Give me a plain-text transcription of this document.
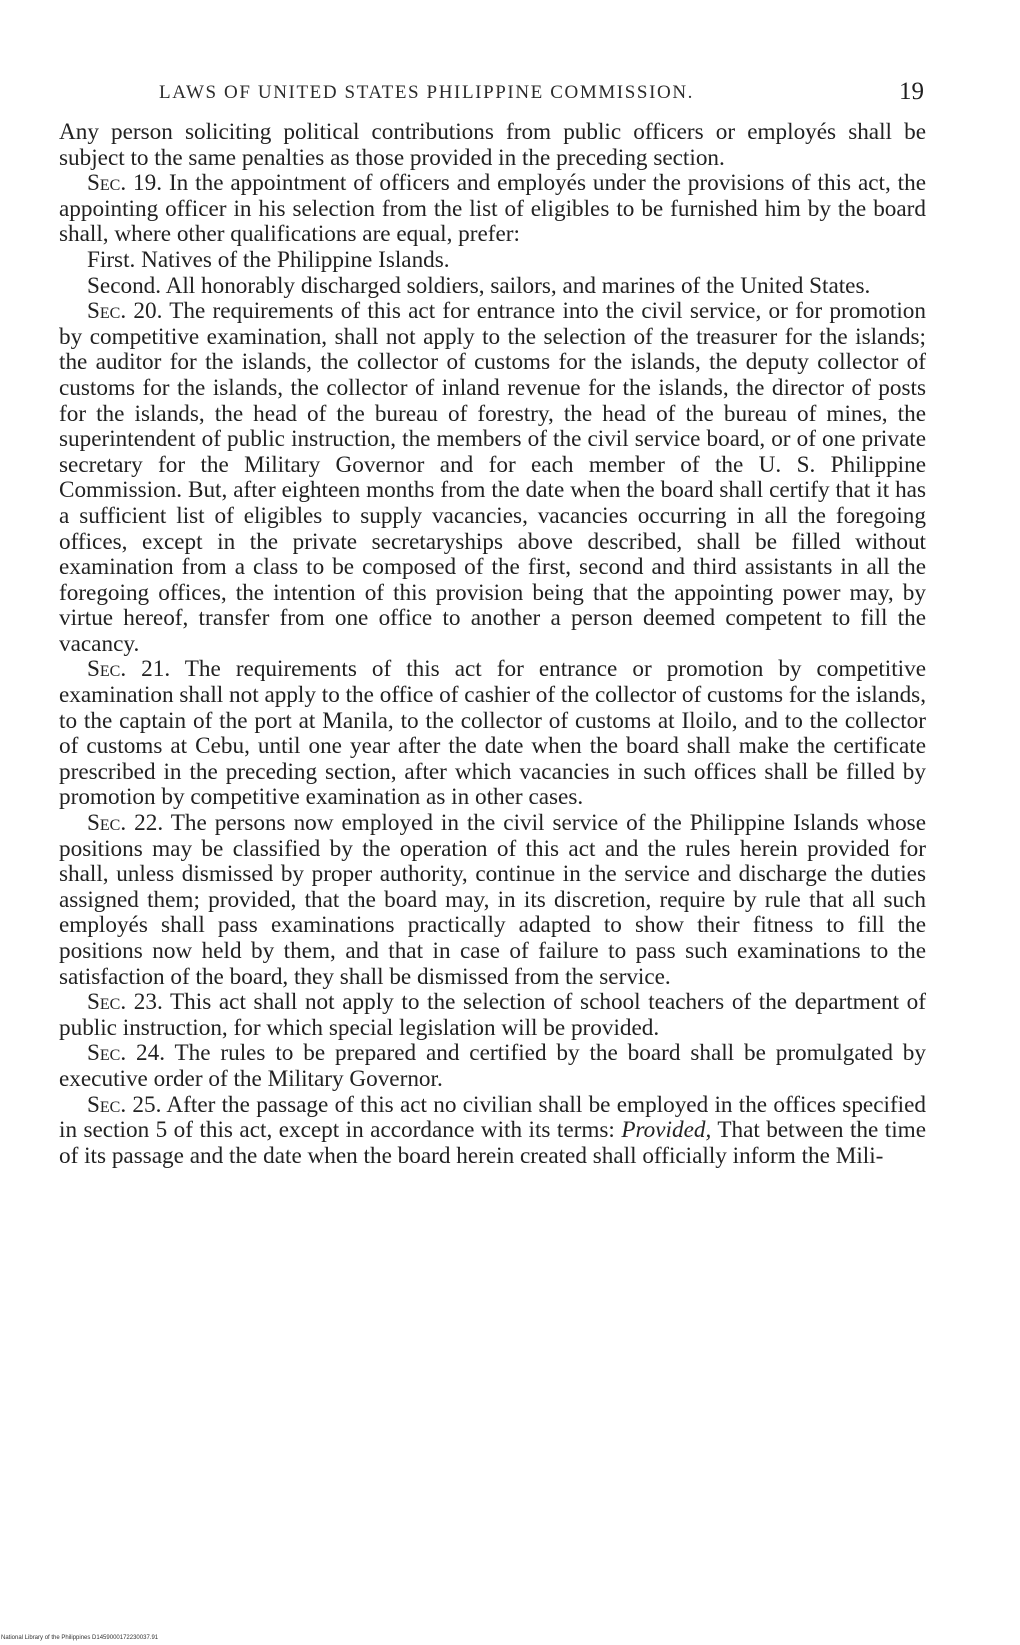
LAWS OF UNITED STATES PHILIPPINE COMMISSION.	19

Any person soliciting political contributions from public officers or employés shall be subject to the same penalties as those provided in the preceding section.

Sec. 19. In the appointment of officers and employés under the provisions of this act, the appointing officer in his selection from the list of eligibles to be furnished him by the board shall, where other qualifications are equal, prefer:

First. Natives of the Philippine Islands.

Second. All honorably discharged soldiers, sailors, and marines of the United States.

Sec. 20. The requirements of this act for entrance into the civil service, or for promotion by competitive examination, shall not apply to the selection of the treasurer for the islands; the auditor for the islands, the collector of customs for the islands, the deputy collector of customs for the islands, the collector of inland revenue for the islands, the director of posts for the islands, the head of the bureau of forestry, the head of the bureau of mines, the superintendent of public instruction, the members of the civil service board, or of one private secretary for the Military Governor and for each member of the U. S. Philippine Commission. But, after eighteen months from the date when the board shall certify that it has a sufficient list of eligibles to supply vacancies, vacancies occurring in all the foregoing offices, except in the private secretaryships above described, shall be filled without examination from a class to be composed of the first, second and third assistants in all the foregoing offices, the intention of this provision being that the appointing power may, by virtue hereof, transfer from one office to another a person deemed competent to fill the vacancy.

Sec. 21. The requirements of this act for entrance or promotion by competitive examination shall not apply to the office of cashier of the collector of customs for the islands, to the captain of the port at Manila, to the collector of customs at Iloilo, and to the collector of customs at Cebu, until one year after the date when the board shall make the certificate prescribed in the preceding section, after which vacancies in such offices shall be filled by promotion by competitive examination as in other cases.

Sec. 22. The persons now employed in the civil service of the Philippine Islands whose positions may be classified by the operation of this act and the rules herein provided for shall, unless dismissed by proper authority, continue in the service and discharge the duties assigned them; provided, that the board may, in its discretion, require by rule that all such employés shall pass examinations practically adapted to show their fitness to fill the positions now held by them, and that in case of failure to pass such examinations to the satisfaction of the board, they shall be dismissed from the service.

Sec. 23. This act shall not apply to the selection of school teachers of the department of public instruction, for which special legislation will be provided.

Sec. 24. The rules to be prepared and certified by the board shall be promulgated by executive order of the Military Governor.

Sec. 25. After the passage of this act no civilian shall be employed in the offices specified in section 5 of this act, except in accordance with its terms: Provided, That between the time of its passage and the date when the board herein created shall officially inform the Mili-

National Library of the Philippines D1459000172230037.91
